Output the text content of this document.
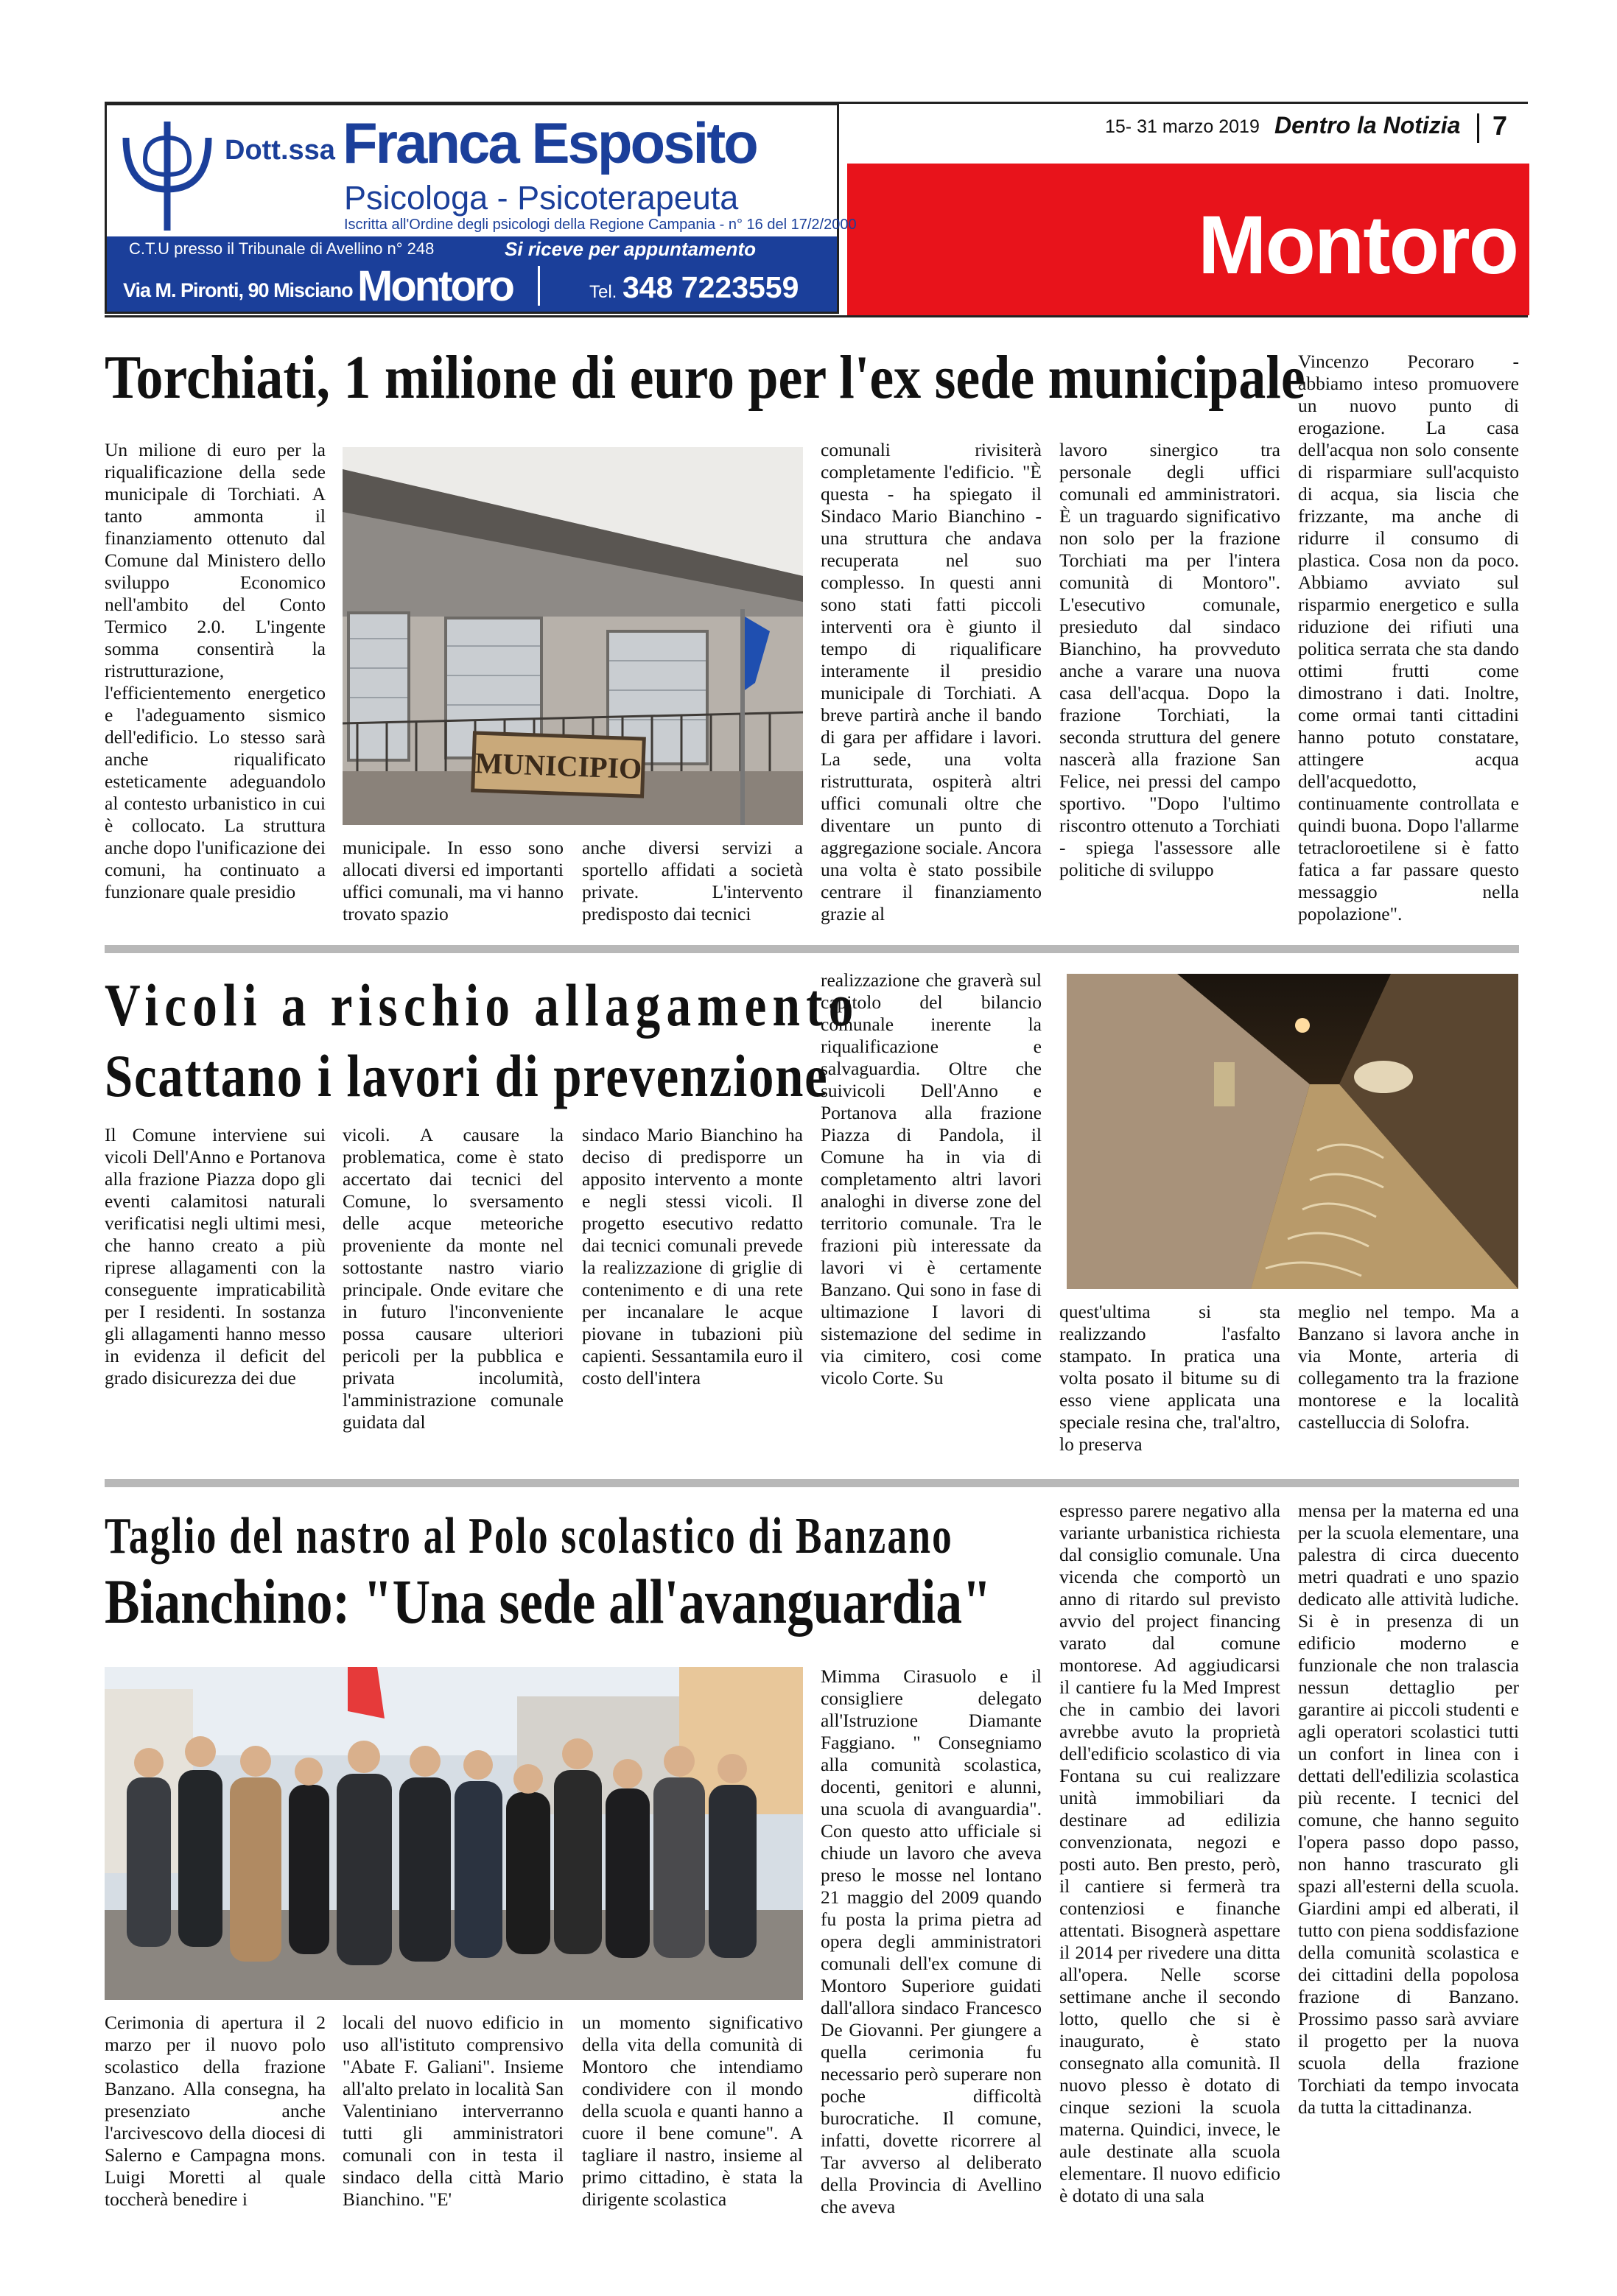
15- 31 marzo 2019 Dentro la Notizia 7
Montoro
Dott.ssa Franca Esposito
Psicologa - Psicoterapeuta
Iscritta all'Ordine degli psicologi della Regione Campania - n° 16 del 17/2/2000
C.T.U presso il Tribunale di Avellino n° 248	Si riceve per appuntamento
Via M. Pironti, 90 Misciano Montoro	Tel. 348 7223559
Torchiati, 1 milione di euro per l'ex sede municipale
MUNICIPIO
Un milione di euro per la riqualificazione della sede municipale di Torchiati. A tanto ammonta il finanziamento ottenuto dal Comune dal Ministero dello sviluppo Economico nell'ambito del Conto Termico 2.0. L'ingente somma consentirà la ristrutturazione, l'efficientemento energetico e l'adeguamento sismico dell'edificio. Lo stesso sarà anche riqualificato esteticamente adeguandolo al contesto urbanistico in cui è collocato. La struttura anche dopo l'unificazione dei comuni, ha continuato a funzionare quale presidio
municipale. In esso sono allocati diversi ed importanti uffici comunali, ma vi hanno trovato spazio
anche diversi servizi a sportello affidati a società private. L'intervento predisposto dai tecnici
comunali rivisiterà completamente l'edificio. "È questa - ha spiegato il Sindaco Mario Bianchino - una struttura che andava recuperata nel suo complesso. In questi anni sono stati fatti piccoli interventi ora è giunto il tempo di riqualificare interamente il presidio municipale di Torchiati. A breve partirà anche il bando di gara per affidare i lavori. La sede, una volta ristrutturata, ospiterà altri uffici comunali oltre che diventare un punto di aggregazione sociale. Ancora una volta è stato possibile centrare il finanziamento grazie al
lavoro sinergico tra personale degli uffici comunali ed amministratori. È un traguardo significativo non solo per la frazione Torchiati ma per l'intera comunità di Montoro". L'esecutivo comunale, presieduto dal sindaco Bianchino, ha provveduto anche a varare una nuova casa dell'acqua. Dopo la frazione Torchiati, la seconda struttura del genere nascerà alla frazione San Felice, nei pressi del campo sportivo. "Dopo l'ultimo riscontro ottenuto a Torchiati - spiega l'assessore alle politiche di sviluppo
Vincenzo Pecoraro - abbiamo inteso promuovere un nuovo punto di erogazione. La casa dell'acqua non solo consente di risparmiare sull'acquisto di acqua, sia liscia che frizzante, ma anche di ridurre il consumo di plastica. Cosa non da poco. Abbiamo avviato sul risparmio energetico e sulla riduzione dei rifiuti una politica serrata che sta dando ottimi frutti come dimostrano i dati. Inoltre, come ormai tanti cittadini hanno potuto constatare, attingere acqua dell'acquedotto, continuamente controllata e quindi buona. Dopo l'allarme tetracloroetilene si è fatto fatica a far passare questo messaggio nella popolazione".
Vicoli a rischio allagamento
Scattano i lavori di prevenzione
Il Comune interviene sui vicoli Dell'Anno e Portanova alla frazione Piazza dopo gli eventi calamitosi naturali verificatisi negli ultimi mesi, che hanno creato a più riprese allagamenti con la conseguente impraticabilità per I residenti. In sostanza gli allagamenti hanno messo in evidenza il deficit del grado disicurezza dei due
vicoli. A causare la problematica, come è stato accertato dai tecnici del Comune, lo sversamento delle acque meteoriche proveniente da monte nel sottostante nastro viario principale. Onde evitare che in futuro l'inconveniente possa causare ulteriori pericoli per la pubblica e privata incolumità, l'amministrazione comunale guidata dal
sindaco Mario Bianchino ha deciso di predisporre un apposito intervento a monte e negli stessi vicoli. Il progetto esecutivo redatto dai tecnici comunali prevede la realizzazione di griglie di contenimento e di una rete per incanalare le acque piovane in tubazioni più capienti. Sessantamila euro il costo dell'intera
realizzazione che graverà sul capitolo del bilancio comunale inerente la riqualificazione e salvaguardia. Oltre che suivicoli Dell'Anno e Portanova alla frazione Piazza di Pandola, il Comune ha in via di completamento altri lavori analoghi in diverse zone del territorio comunale. Tra le frazioni più interessate da lavori vi è certamente Banzano. Qui sono in fase di ultimazione I lavori di sistemazione del sedime in via cimitero, cosi come vicolo Corte. Su
quest'ultima si sta realizzando l'asfalto stampato. In pratica una volta posato il bitume su di esso viene applicata una speciale resina che, tral'altro, lo preserva
meglio nel tempo. Ma a Banzano si lavora anche in via Monte, arteria di collegamento tra la frazione montorese e la località castelluccia di Solofra.
Taglio del nastro al Polo scolastico di Banzano
Bianchino: "Una sede all'avanguardia"
Cerimonia di apertura il 2 marzo per il nuovo polo scolastico della frazione Banzano. Alla consegna, ha presenziato anche l'arcivescovo della diocesi di Salerno e Campagna mons. Luigi Moretti al quale toccherà benedire i
locali del nuovo edificio in uso all'istituto comprensivo "Abate F. Galiani". Insieme all'alto prelato in località San Valentiniano interverranno tutti gli amministratori comunali con in testa il sindaco della città Mario Bianchino. "E'
un momento significativo della vita della comunità di Montoro che intendiamo condividere con il mondo della scuola e quanti hanno a cuore il bene comune". A tagliare il nastro, insieme al primo cittadino, è stata la dirigente scolastica
Mimma Cirasuolo e il consigliere delegato all'Istruzione Diamante Faggiano. " Consegniamo alla comunità scolastica, docenti, genitori e alunni, una scuola di avanguardia". Con questo atto ufficiale si chiude un lavoro che aveva preso le mosse nel lontano 21 maggio del 2009 quando fu posta la prima pietra ad opera degli amministratori comunali dell'ex comune di Montoro Superiore guidati dall'allora sindaco Francesco De Giovanni. Per giungere a quella cerimonia fu necessario però superare non poche difficoltà burocratiche. Il comune, infatti, dovette ricorrere al Tar avverso al deliberato della Provincia di Avellino che aveva
espresso parere negativo alla variante urbanistica richiesta dal consiglio comunale. Una vicenda che comportò un anno di ritardo sul previsto avvio del project financing varato dal comune montorese. Ad aggiudicarsi il cantiere fu la Med Imprest che in cambio dei lavori avrebbe avuto la proprietà dell'edificio scolastico di via Fontana su cui realizzare unità immobiliari da destinare ad edilizia convenzionata, negozi e posti auto. Ben presto, però, il cantiere si fermerà tra contenziosi e finanche attentati. Bisognerà aspettare il 2014 per rivedere una ditta all'opera. Nelle scorse settimane anche il secondo lotto, quello che si è inaugurato, è stato consegnato alla comunità. Il nuovo plesso è dotato di cinque sezioni la scuola materna. Quindici, invece, le aule destinate alla scuola elementare. Il nuovo edificio è dotato di una sala
mensa per la materna ed una per la scuola elementare, una palestra di circa duecento metri quadrati e uno spazio dedicato alle attività ludiche. Si è in presenza di un edificio moderno e funzionale che non tralascia nessun dettaglio per garantire ai piccoli studenti e agli operatori scolastici tutti un confort in linea con i dettati dell'edilizia scolastica più recente. I tecnici del comune, che hanno seguito l'opera passo dopo passo, non hanno trascurato gli spazi all'esterni della scuola. Giardini ampi ed alberati, il tutto con piena soddisfazione della comunità scolastica e dei cittadini della popolosa frazione di Banzano. Prossimo passo sarà avviare il progetto per la nuova scuola della frazione Torchiati da tempo invocata da tutta la cittadinanza.
